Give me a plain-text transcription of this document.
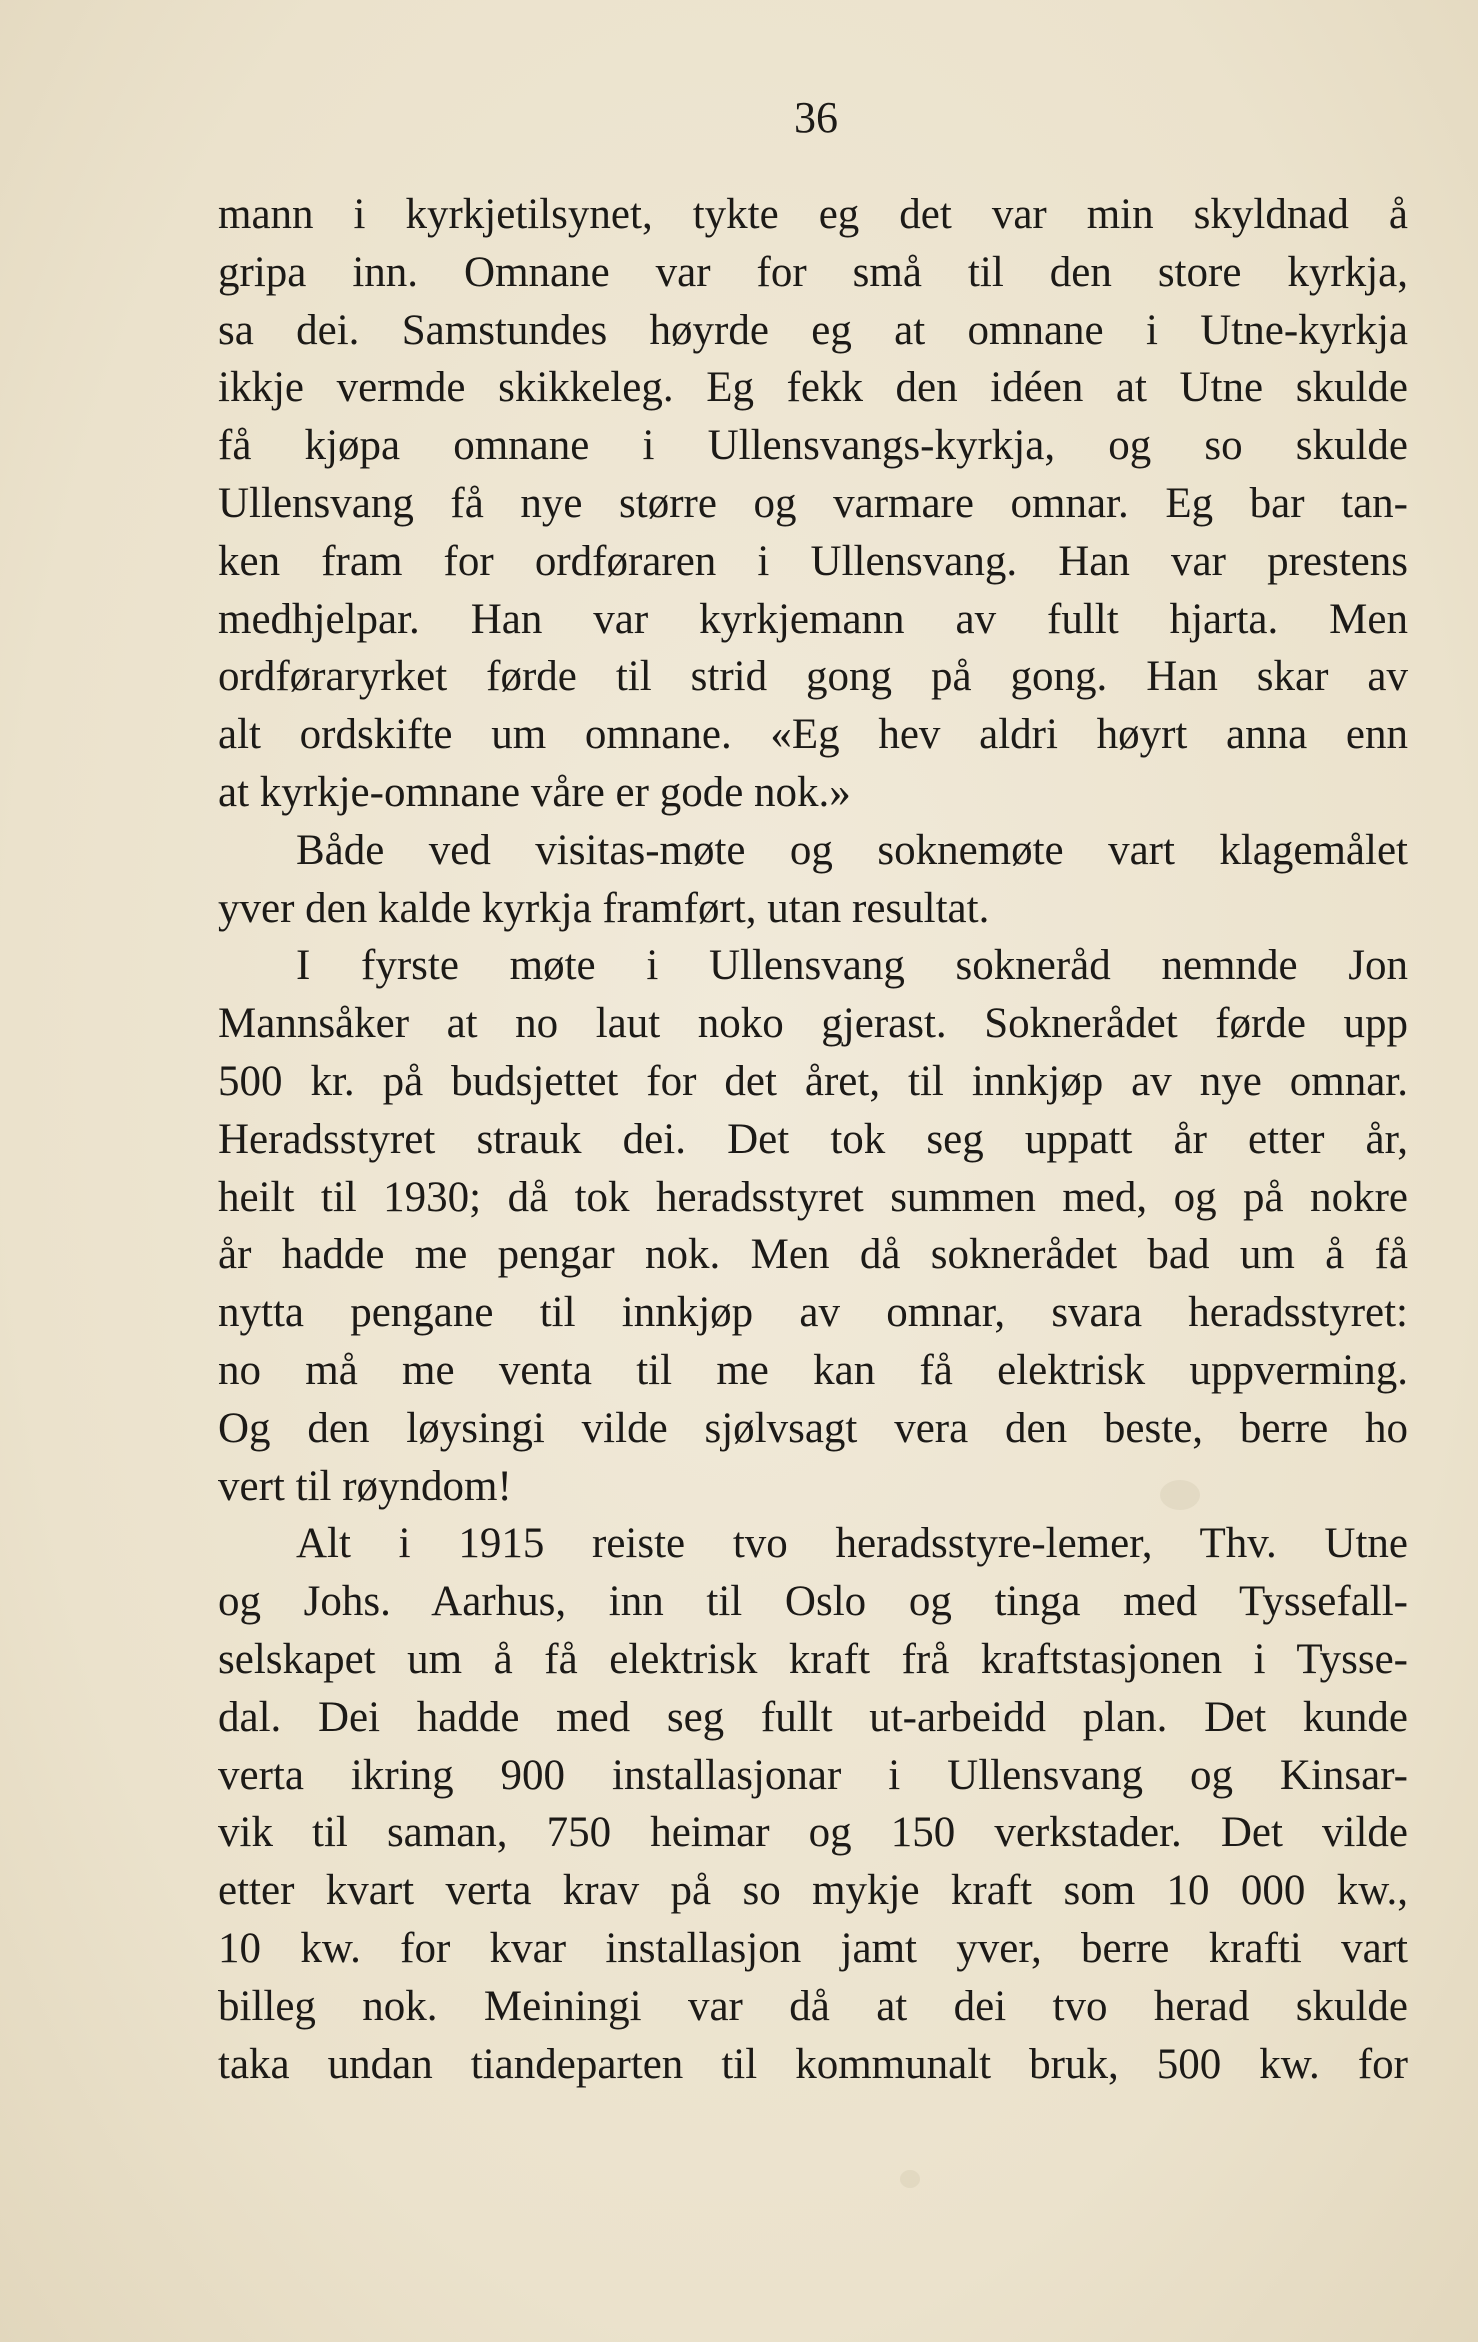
36

mann i kyrkjetilsynet, tykte eg det var min skyldnad å
gripa inn. Omnane var for små til den store kyrkja,
sa dei. Samstundes høyrde eg at omnane i Utne-kyrkja
ikkje vermde skikkeleg. Eg fekk den idéen at Utne skulde
få kjøpa omnane i Ullensvangs-kyrkja, og so skulde
Ullensvang få nye større og varmare omnar. Eg bar tan-
ken fram for ordføraren i Ullensvang. Han var prestens
medhjelpar. Han var kyrkjemann av fullt hjarta. Men
ordføraryrket førde til strid gong på gong. Han skar av
alt ordskifte um omnane. «Eg hev aldri høyrt anna enn
at kyrkje-omnane våre er gode nok.»
Både ved visitas-møte og soknemøte vart klagemålet
yver den kalde kyrkja framført, utan resultat.
I fyrste møte i Ullensvang sokneråd nemnde Jon
Mannsåker at no laut noko gjerast. Soknerådet førde upp
500 kr. på budsjettet for det året, til innkjøp av nye omnar.
Heradsstyret strauk dei. Det tok seg uppatt år etter år,
heilt til 1930; då tok heradsstyret summen med, og på nokre
år hadde me pengar nok. Men då soknerådet bad um å få
nytta pengane til innkjøp av omnar, svara heradsstyret:
no må me venta til me kan få elektrisk uppverming.
Og den løysingi vilde sjølvsagt vera den beste, berre ho
vert til røyndom!
Alt i 1915 reiste tvo heradsstyre-lemer, Thv. Utne
og Johs. Aarhus, inn til Oslo og tinga med Tyssefall-
selskapet um å få elektrisk kraft frå kraftstasjonen i Tysse-
dal. Dei hadde med seg fullt ut-arbeidd plan. Det kunde
verta ikring 900 installasjonar i Ullensvang og Kinsar-
vik til saman, 750 heimar og 150 verkstader. Det vilde
etter kvart verta krav på so mykje kraft som 10 000 kw.,
10 kw. for kvar installasjon jamt yver, berre krafti vart
billeg nok. Meiningi var då at dei tvo herad skulde
taka undan tiandeparten til kommunalt bruk, 500 kw. for
